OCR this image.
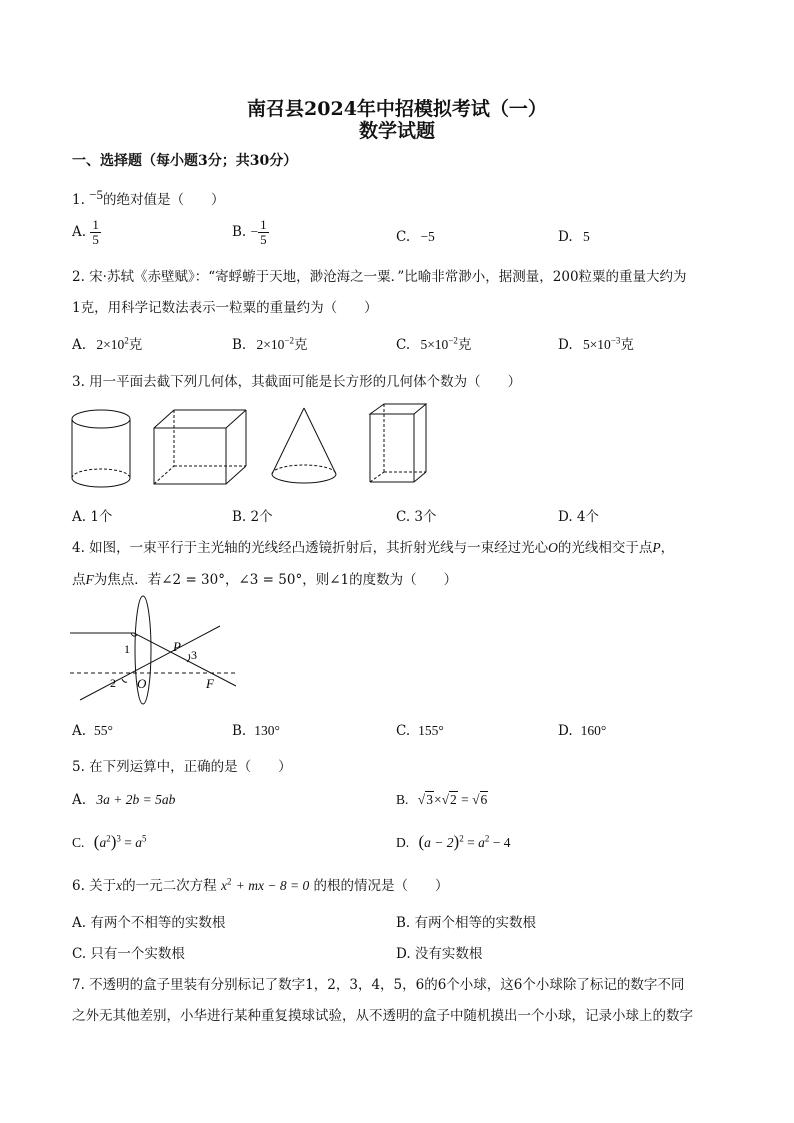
南召县2024年中招模拟考试（一）
数学试题
一、选择题（每小题3分；共30分）
1. −5的绝对值是（　　）
A. $\frac{1}{5}$	B. − $\frac{1}{5}$	C. −5	D. 5
2. 宋·苏轼《赤壁赋》：“寄蜉蝣于天地，渺沧海之一粟．”比喻非常渺小，据测量，200粒粟的重量大约为
1克，用科学记数法表示一粒粟的重量约为（　　）
A. $2\times 10^2$克	B. $2\times 10^{-2}$克	C. $5\times 10^{-2}$克	D. $5\times 10^{-3}$克
3. 用一平面去截下列几何体，其截面可能是长方形的几何体个数为（　　）
A. 1个	B. 2个	C. 3个	D. 4个
4. 如图，一束平行于主光轴的光线经凸透镜折射后，其折射光线与一束经过光心O的光线相交于点P，
点F为焦点．若∠2 = 30°，∠3 = 50°，则∠1的度数为（　　）
1
2
3
P
O	F
A. 55°	B. 130°	C. 155°	D. 160°
5. 在下列运算中，正确的是（　　）
A. 3a + 2b = 5ab	B. √3×√2 = √6
C. $(a^2)^3 = a^5$	D. $(a - 2)^2 = a^2 - 4$
6. 关于x的一元二次方程 $x^2$ + mx − 8 = 0 的根的情况是（　　）
A. 有两个不相等的实数根	B. 有两个相等的实数根
C. 只有一个实数根	D. 没有实数根
7. 不透明的盒子里装有分别标记了数字1，2，3，4，5，6的6个小球，这6个小球除了标记的数字不同
之外无其他差别，小华进行某种重复摸球试验，从不透明的盒子中随机摸出一个小球，记录小球上的数字
